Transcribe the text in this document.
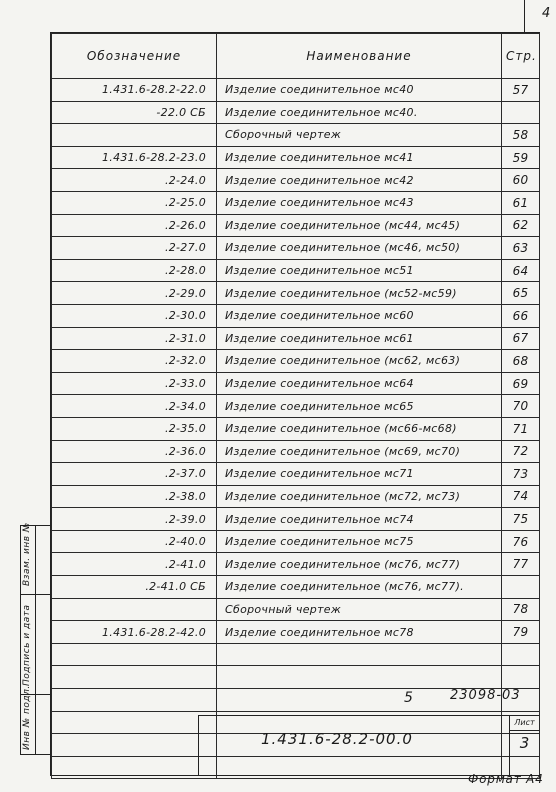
4
Обозначение	Наименование	Стр.
1.431.6-28.2-22.0	Изделие соединительное мс40	57
-22.0 СБ	Изделие соединительное мс40.	
	Сборочный чертеж	58
1.431.6-28.2-23.0	Изделие соединительное мс41	59
.2-24.0	Изделие соединительное мс42	60
.2-25.0	Изделие соединительное мс43	61
.2-26.0	Изделие соединительное (мс44, мс45)	62
.2-27.0	Изделие соединительное (мс46, мс50)	63
.2-28.0	Изделие соединительное мс51	64
.2-29.0	Изделие соединительное (мс52-мс59)	65
.2-30.0	Изделие соединительное мс60	66
.2-31.0	Изделие соединительное мс61	67
.2-32.0	Изделие соединительное (мс62, мс63)	68
.2-33.0	Изделие соединительное мс64	69
.2-34.0	Изделие соединительное мс65	70
.2-35.0	Изделие соединительное (мс66-мс68)	71
.2-36.0	Изделие соединительное (мс69, мс70)	72
.2-37.0	Изделие соединительное мс71	73
.2-38.0	Изделие соединительное (мс72, мс73)	74
.2-39.0	Изделие соединительное мс74	75
.2-40.0	Изделие соединительное мс75	76
.2-41.0	Изделие соединительное (мс76, мс77)	77
.2-41.0 СБ	Изделие соединительное (мс76, мс77).	
	Сборочный чертеж	78
1.431.6-28.2-42.0	Изделие соединительное мс78	79

Взам. инв №
Подпись и дата
Инв № подл.	5	23098-03
1.431.6-28.2-00.0
Лист
3
Формат А4
